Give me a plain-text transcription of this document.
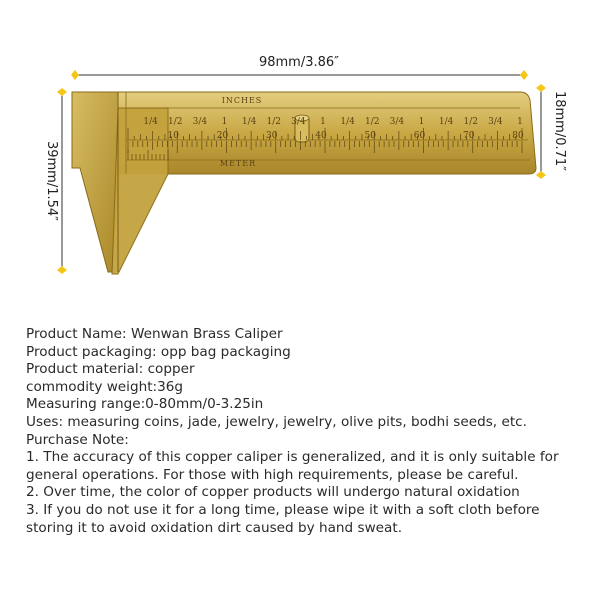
98mm/3.86″
39mm/1.54″
18mm/0.71″
1/4 1/2 3/4 1 1/4 1/2 3/4 1 1/4 1/2 3/4 1 1/4 1/2 3/4 1
10	20	30	40	50	60	70	80
INCHES
METER

Product Name: Wenwan Brass Caliper

Product packaging: opp bag packaging

Product material: copper

commodity weight:36g

Measuring range:0-80mm/0-3.25in

Uses: measuring coins, jade, jewelry, jewelry, olive pits, bodhi seeds, etc.

Purchase Note:

1. The accuracy of this copper caliper is generalized, and it is only suitable for general operations. For those with high requirements, please be careful.

2. Over time, the color of copper products will undergo natural oxidation

3. If you do not use it for a long time, please wipe it with a soft cloth before storing it to avoid oxidation dirt caused by hand sweat.
